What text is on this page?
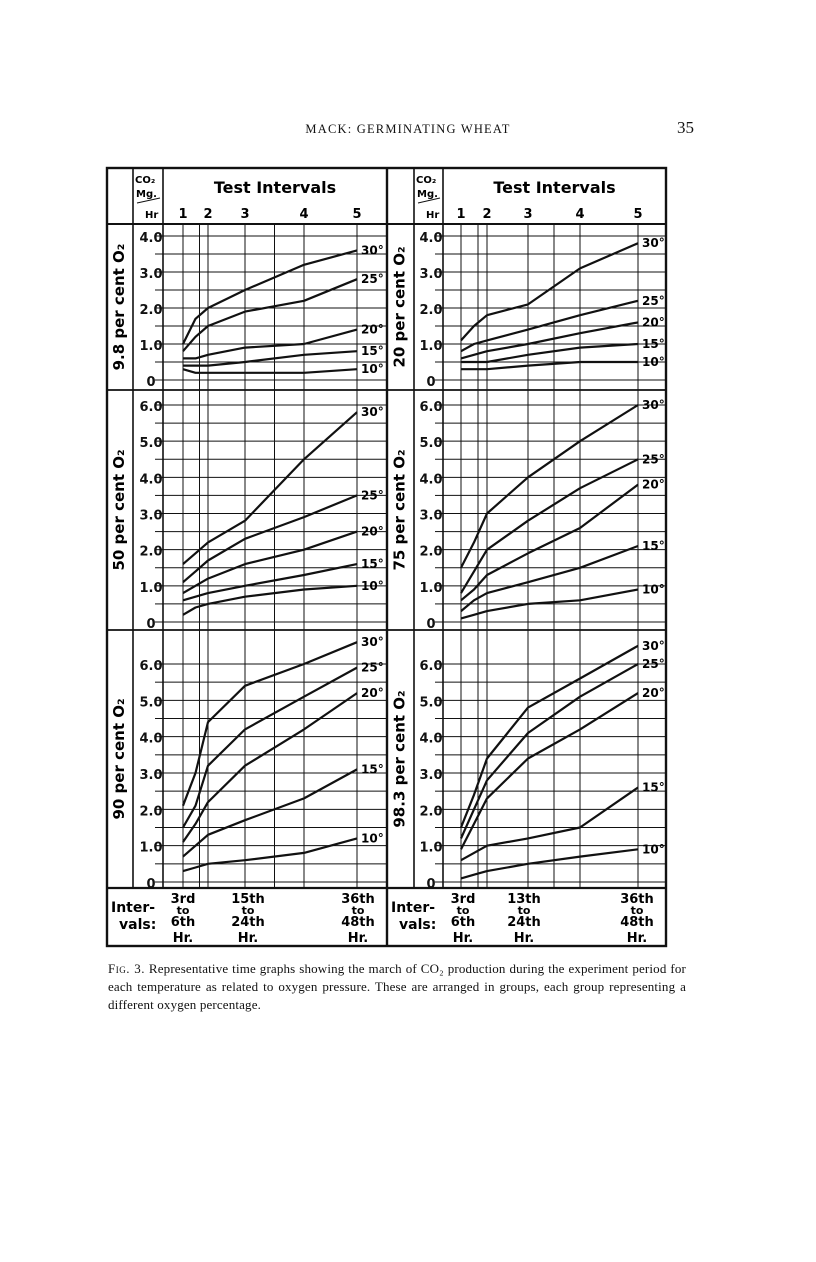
MACK: GERMINATING WHEAT	35
CO₂
Mg.
Hr
Test Intervals
1 2 3	4	5
Inter-
vals:
3rd
to
6th
Hr.
15th
to
24th
Hr.
36th
to
48th
Hr.
CO₂
Mg.
Hr
Test Intervals
1 2 3	4	5
Inter-
vals:
3rd
to
6th
Hr.
13th
to
24th
Hr.
36th
to
48th
Hr.
0
1.0
2.0
3.0
4.0
9.8 per cent O₂	30°
25°
20°
15°
10°
0
1.0
2.0
3.0
4.0
20 per cent O₂
30°
25°
20°
15°
10°
0
1.0
2.0
3.0
4.0
5.0
6.0
50 per cent O₂
30°
25°
20°
15°
10°
0
1.0
2.0
3.0
4.0
5.0
6.0
75 per cent O₂
30°
25°
20°
15°
10°
0
1.0
2.0
3.0
4.0
5.0
6.0
90 per cent O₂
30°
25°
20°
15°
10°
0
1.0
2.0
3.0
4.0
5.0
6.0
98.3 per cent O₂
30°
25°
20°
15°
10°
Fig. 3. Representative time graphs showing the march of CO₂ production during the experiment period for each temperature as related to oxygen pressure. These are arranged in groups, each group representing a different oxygen percentage.
